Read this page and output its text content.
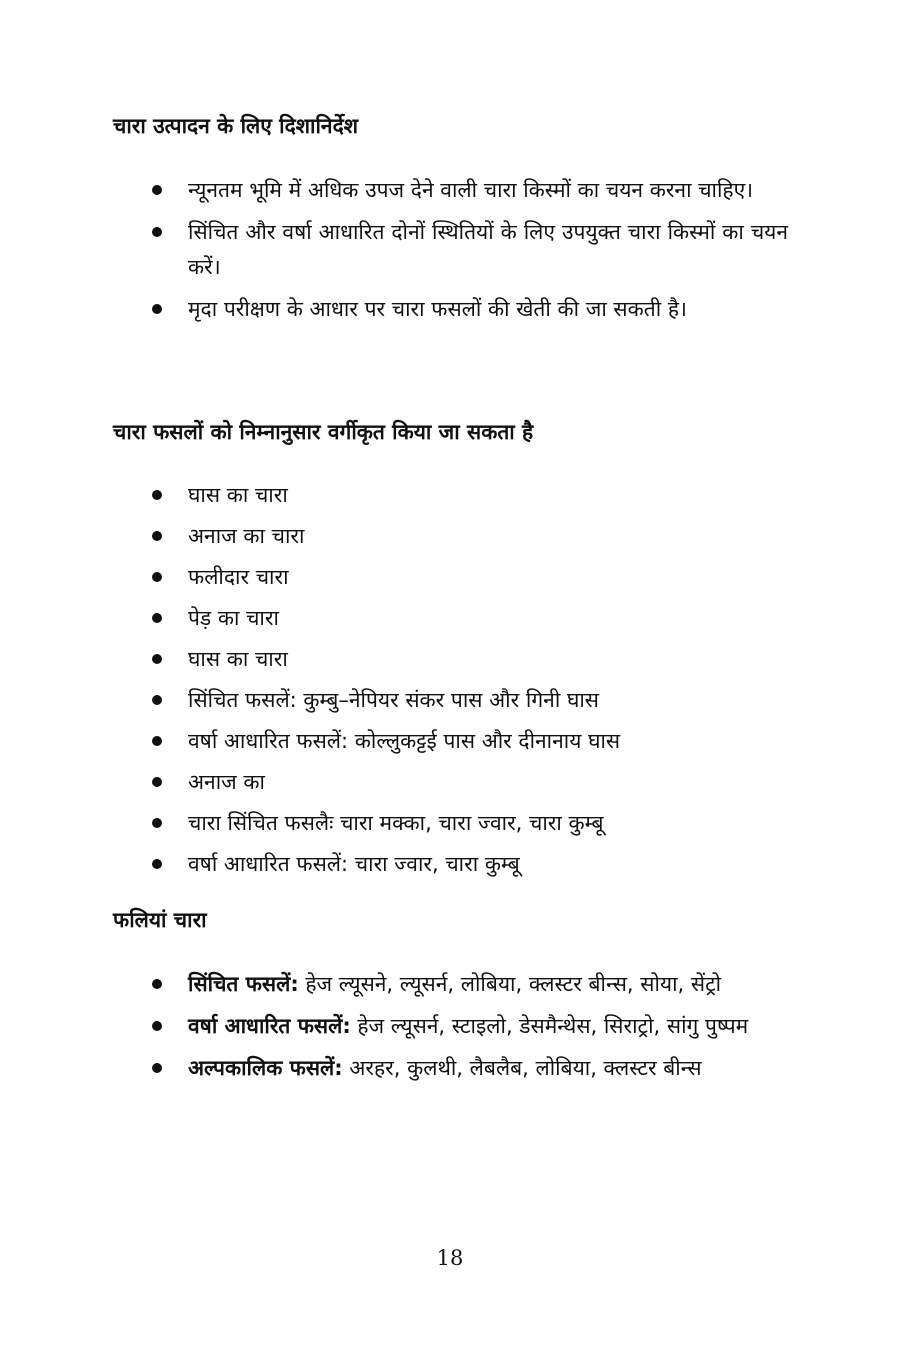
चारा उत्पादन के लिए दिशानिर्देश
न्यूनतम भूमि में अधिक उपज देने वाली चारा किस्मों का चयन करना चाहिए।
सिंचित और वर्षा आधारित दोनों स्थितियों के लिए उपयुक्त चारा किस्मों का चयन करें।
मृदा परीक्षण के आधार पर चारा फसलों की खेती की जा सकती है।
चारा फसलों को निम्नानुसार वर्गीकृत किया जा सकता है
घास का चारा
अनाज का चारा
फलीदार चारा
पेड़ का चारा
घास का चारा
सिंचित फसलें: कुम्बु–नेपियर संकर पास और गिनी घास
वर्षा आधारित फसलें: कोल्लुकट्टई पास और दीनानाय घास
अनाज का
चारा सिंचित फसलैः चारा मक्का, चारा ज्वार, चारा कुम्बू
वर्षा आधारित फसलें: चारा ज्वार, चारा कुम्बू
फलियां चारा
सिंचित फसलें: हेज ल्यूसने, ल्यूसर्न, लोबिया, क्लस्टर बीन्स, सोया, सेंट्रो
वर्षा आधारित फसलें: हेज ल्यूसर्न, स्टाइलो, डेसमैन्थेस, सिराट्रो, सांगु पुष्पम
अल्पकालिक फसलें: अरहर, कुलथी, लैबलैब, लोबिया, क्लस्टर बीन्स
18
